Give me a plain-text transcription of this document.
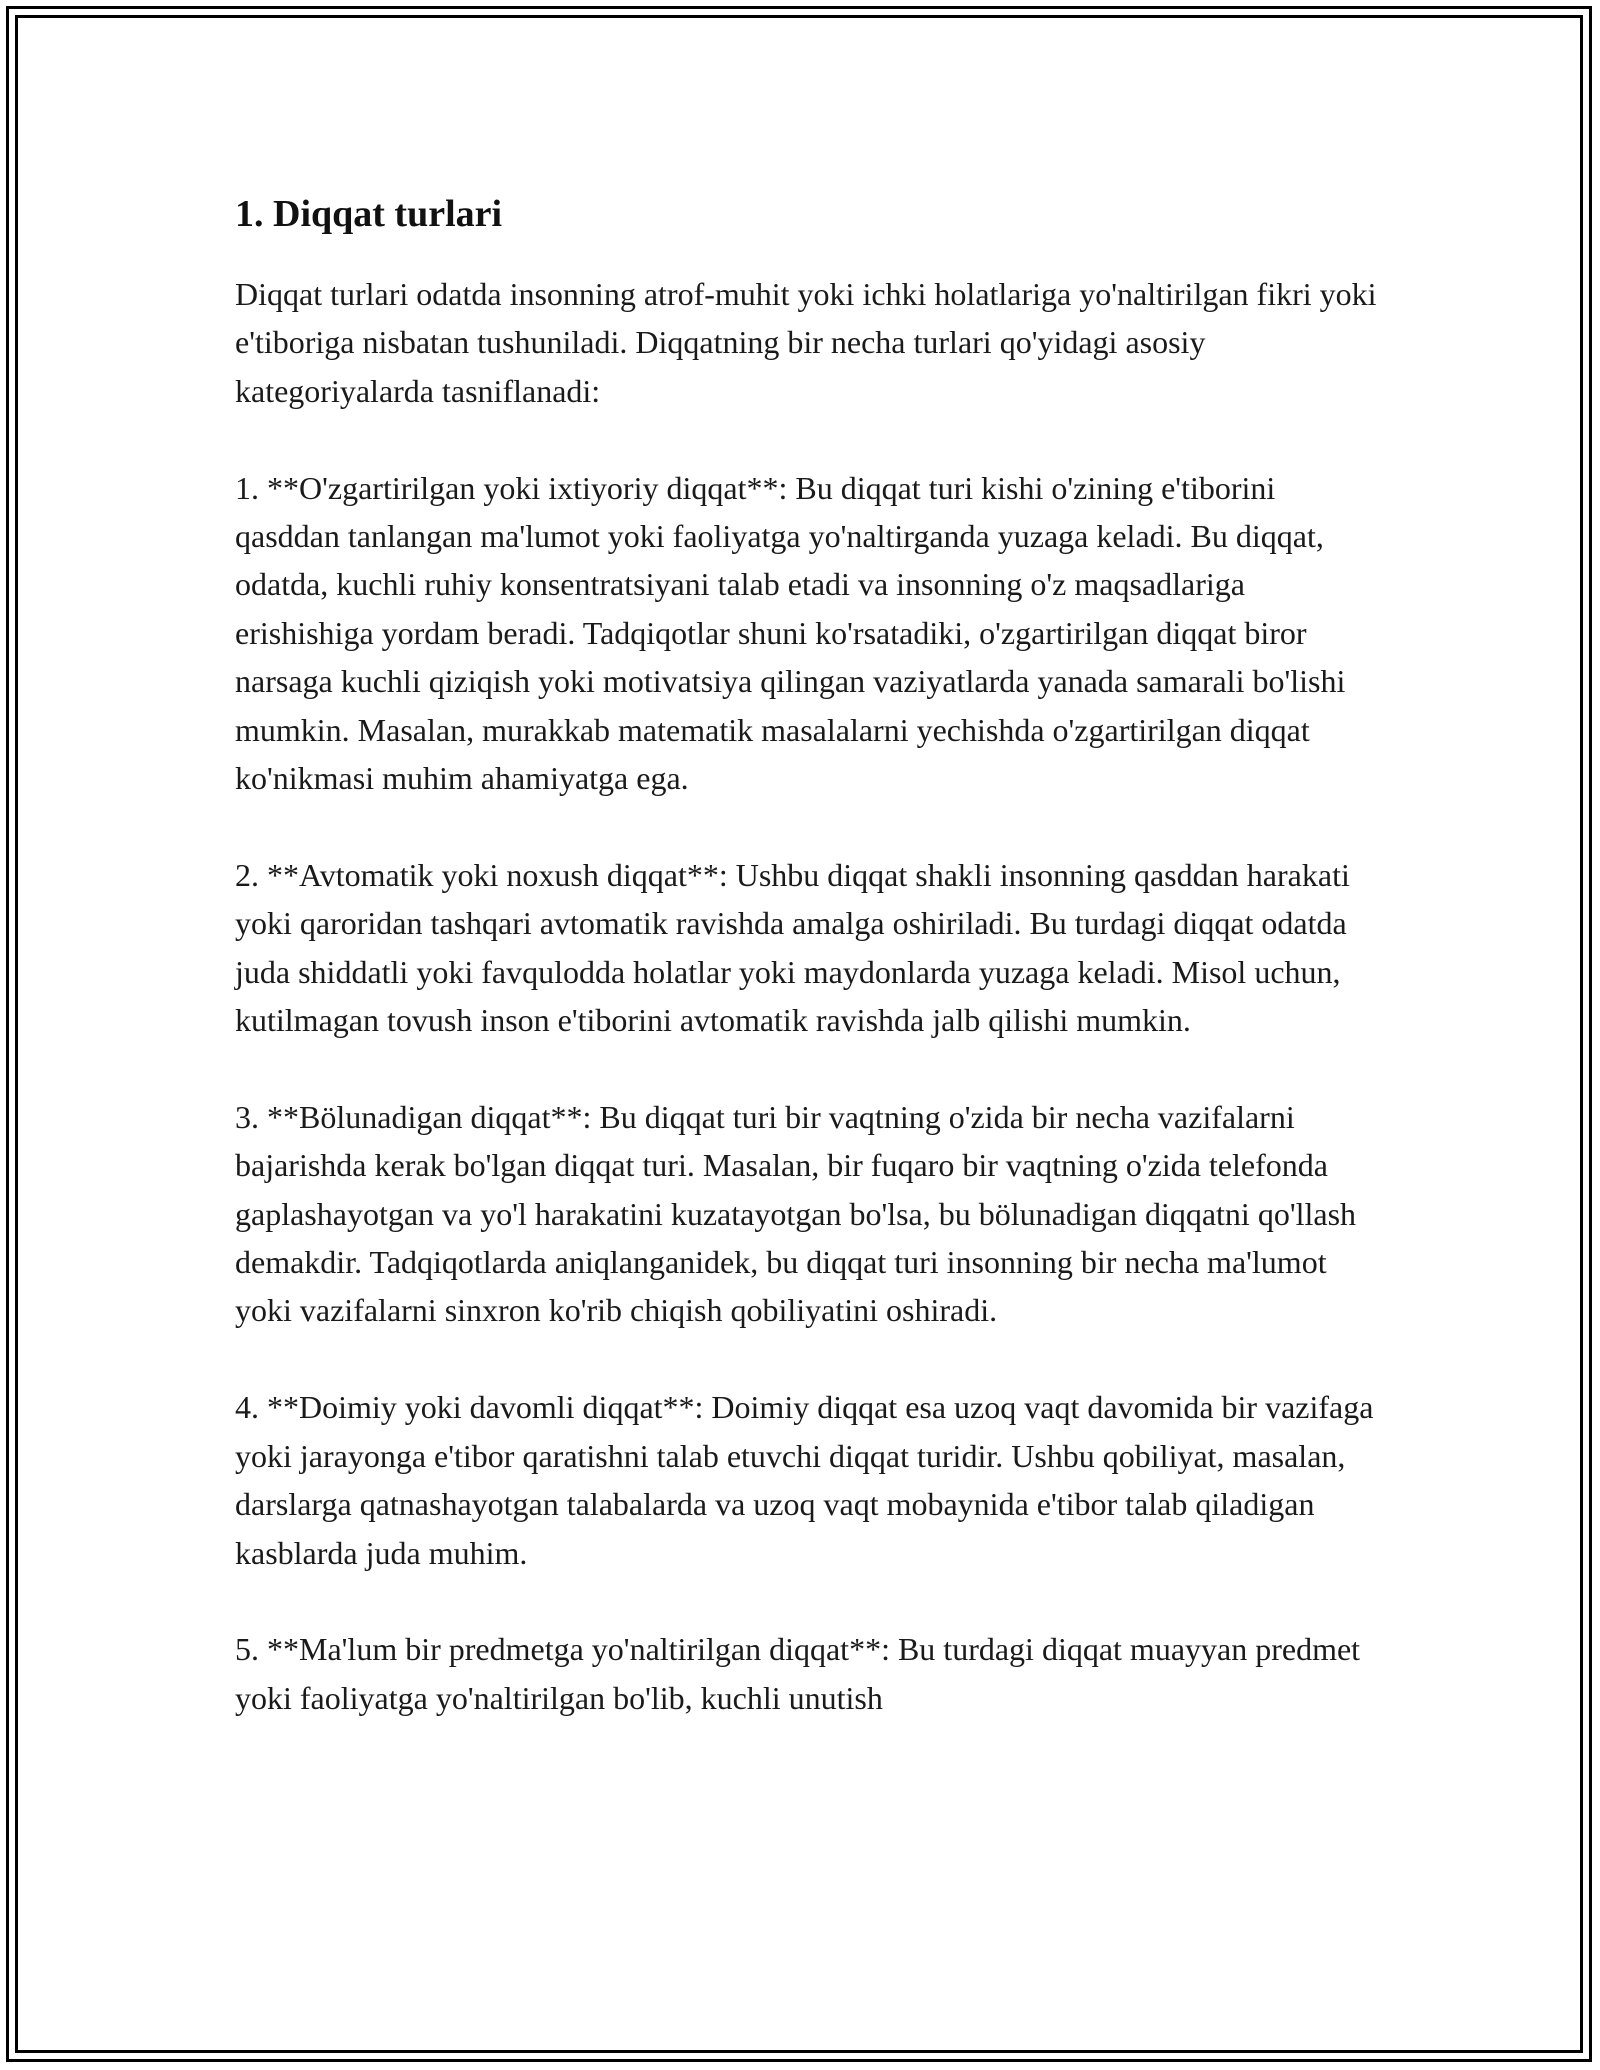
1. Diqqat turlari

Diqqat turlari odatda insonning atrof-muhit yoki ichki holatlariga yo'naltirilgan fikri yoki e'tiboriga nisbatan tushuniladi. Diqqatning bir necha turlari qo'yidagi asosiy kategoriyalarda tasniflanadi:

1. **O'zgartirilgan yoki ixtiyoriy diqqat**: Bu diqqat turi kishi o'zining e'tiborini qasddan tanlangan ma'lumot yoki faoliyatga yo'naltirganda yuzaga keladi. Bu diqqat, odatda, kuchli ruhiy konsentratsiyani talab etadi va insonning o'z maqsadlariga erishishiga yordam beradi. Tadqiqotlar shuni ko'rsatadiki, o'zgartirilgan diqqat biror narsaga kuchli qiziqish yoki motivatsiya qilingan vaziyatlarda yanada samarali bo'lishi mumkin. Masalan, murakkab matematik masalalarni yechishda o'zgartirilgan diqqat ko'nikmasi muhim ahamiyatga ega.

2. **Avtomatik yoki noxush diqqat**: Ushbu diqqat shakli insonning qasddan harakati yoki qaroridan tashqari avtomatik ravishda amalga oshiriladi. Bu turdagi diqqat odatda juda shiddatli yoki favqulodda holatlar yoki maydonlarda yuzaga keladi. Misol uchun, kutilmagan tovush inson e'tiborini avtomatik ravishda jalb qilishi mumkin.

3. **Bölunadigan diqqat**: Bu diqqat turi bir vaqtning o'zida bir necha vazifalarni bajarishda kerak bo'lgan diqqat turi. Masalan, bir fuqaro bir vaqtning o'zida telefonda gaplashayotgan va yo'l harakatini kuzatayotgan bo'lsa, bu bölunadigan diqqatni qo'llash demakdir. Tadqiqotlarda aniqlanganidek, bu diqqat turi insonning bir necha ma'lumot yoki vazifalarni sinxron ko'rib chiqish qobiliyatini oshiradi.

4. **Doimiy yoki davomli diqqat**: Doimiy diqqat esa uzoq vaqt davomida bir vazifaga yoki jarayonga e'tibor qaratishni talab etuvchi diqqat turidir. Ushbu qobiliyat, masalan, darslarga qatnashayotgan talabalarda va uzoq vaqt mobaynida e'tibor talab qiladigan kasblarda juda muhim.

5. **Ma'lum bir predmetga yo'naltirilgan diqqat**: Bu turdagi diqqat muayyan predmet yoki faoliyatga yo'naltirilgan bo'lib, kuchli unutish
